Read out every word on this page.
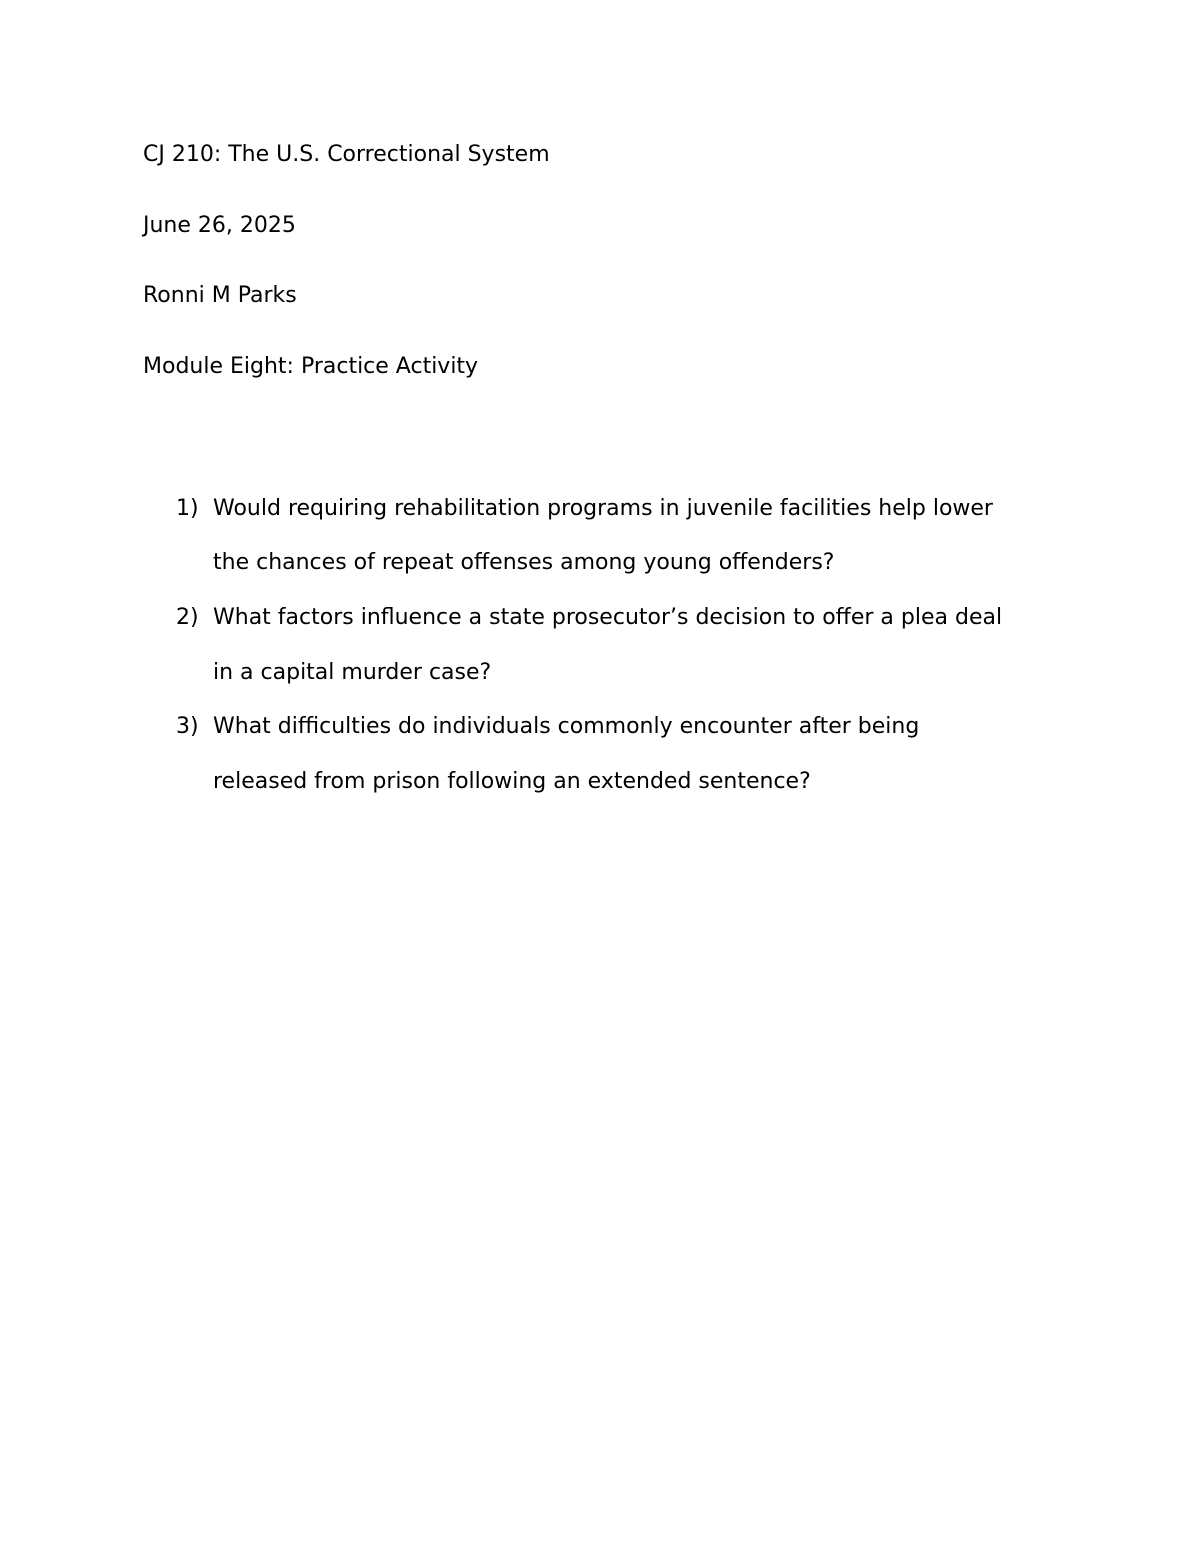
CJ 210: The U.S. Correctional System

June 26, 2025

Ronni M Parks

Module Eight: Practice Activity

1) Would requiring rehabilitation programs in juvenile facilities help lower
the chances of repeat offenses among young offenders?
2) What factors influence a state prosecutor’s decision to offer a plea deal
in a capital murder case?
3) What difficulties do individuals commonly encounter after being
released from prison following an extended sentence?
